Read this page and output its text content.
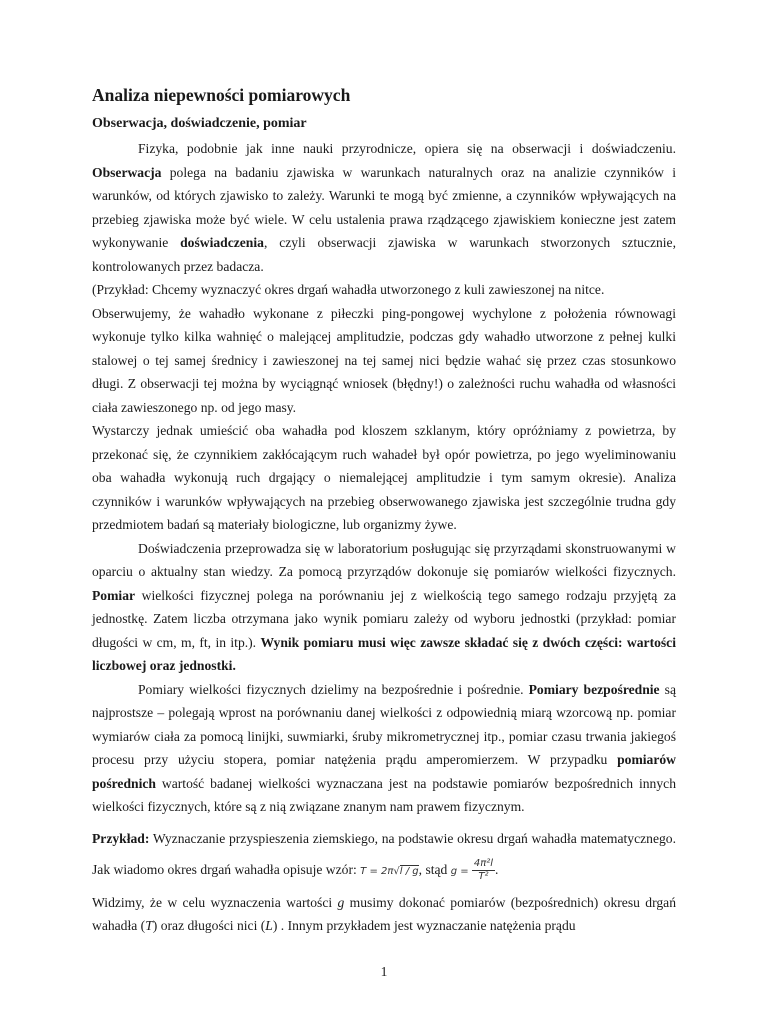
Analiza niepewności pomiarowych
Obserwacja, doświadczenie, pomiar

Fizyka, podobnie jak inne nauki przyrodnicze, opiera się na obserwacji i doświadczeniu. Obserwacja polega na badaniu zjawiska w warunkach naturalnych oraz na analizie czynników i warunków, od których zjawisko to zależy. Warunki te mogą być zmienne, a czynników wpływających na przebieg zjawiska może być wiele. W celu ustalenia prawa rządzącego zjawiskiem konieczne jest zatem wykonywanie doświadczenia, czyli obserwacji zjawiska w warunkach stworzonych sztucznie, kontrolowanych przez badacza.

(Przykład: Chcemy wyznaczyć okres drgań wahadła utworzonego z kuli zawieszonej na nitce.

Obserwujemy, że wahadło wykonane z piłeczki ping-pongowej wychylone z położenia równowagi wykonuje tylko kilka wahnięć o malejącej amplitudzie, podczas gdy wahadło utworzone z pełnej kulki stalowej o tej samej średnicy i zawieszonej na tej samej nici będzie wahać się przez czas stosunkowo długi. Z obserwacji tej można by wyciągnąć wniosek (błędny!) o zależności ruchu wahadła od własności ciała zawieszonego np. od jego masy.

Wystarczy jednak umieścić oba wahadła pod kloszem szklanym, który opróżniamy z powietrza, by przekonać się, że czynnikiem zakłócającym ruch wahadeł był opór powietrza, po jego wyeliminowaniu oba wahadła wykonują ruch drgający o niemalejącej amplitudzie i tym samym okresie). Analiza czynników i warunków wpływających na przebieg obserwowanego zjawiska jest szczególnie trudna gdy przedmiotem badań są materiały biologiczne, lub organizmy żywe.

Doświadczenia przeprowadza się w laboratorium posługując się przyrządami skonstruowanymi w oparciu o aktualny stan wiedzy. Za pomocą przyrządów dokonuje się pomiarów wielkości fizycznych. Pomiar wielkości fizycznej polega na porównaniu jej z wielkością tego samego rodzaju przyjętą za jednostkę. Zatem liczba otrzymana jako wynik pomiaru zależy od wyboru jednostki (przykład: pomiar długości w cm, m, ft, in itp.). Wynik pomiaru musi więc zawsze składać się z dwóch części: wartości liczbowej oraz jednostki.

Pomiary wielkości fizycznych dzielimy na bezpośrednie i pośrednie. Pomiary bezpośrednie są najprostsze – polegają wprost na porównaniu danej wielkości z odpowiednią miarą wzorcową np. pomiar wymiarów ciała za pomocą linijki, suwmiarki, śruby mikrometrycznej itp., pomiar czasu trwania jakiegoś procesu przy użyciu stopera, pomiar natężenia prądu amperomierzem. W przypadku pomiarów pośrednich wartość badanej wielkości wyznaczana jest na podstawie pomiarów bezpośrednich innych wielkości fizycznych, które są z nią związane znanym nam prawem fizycznym.

Przykład: Wyznaczanie przyspieszenia ziemskiego, na podstawie okresu drgań wahadła matematycznego. Jak wiadomo okres drgań wahadła opisuje wzór: T = 2π√l / g, stąd $g = \frac{\text{4π²l}}{\text{T²}}$ .

Widzimy, że w celu wyznaczenia wartości g musimy dokonać pomiarów (bezpośrednich) okresu drgań wahadła (T) oraz długości nici (L) . Innym przykładem jest wyznaczanie natężenia prądu

1
